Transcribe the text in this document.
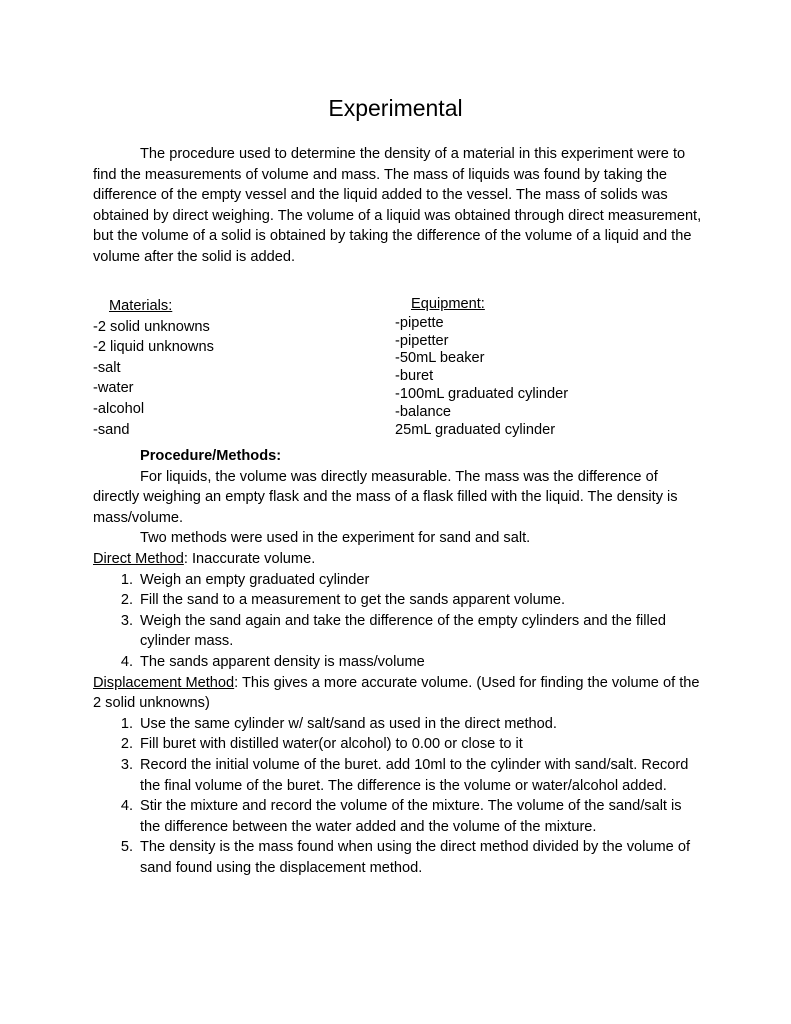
Experimental

The procedure used to determine the density of a material in this experiment were to find the measurements of volume and mass. The mass of liquids was found by taking the difference of the empty vessel and the liquid added to the vessel. The mass of solids was obtained by direct weighing. The volume of a liquid was obtained through direct measurement, but the volume of a solid is obtained by taking the difference of the volume of a liquid and the volume after the solid is added.

Materials:
-2 solid unknowns
-2 liquid unknowns
-salt
-water
-alcohol
-sand
Equipment:
-pipette
-pipetter
-50mL beaker
-buret
-100mL graduated cylinder
-balance
25mL graduated cylinder

Procedure/Methods:

For liquids, the volume was directly measurable. The mass was the difference of directly weighing an empty flask and the mass of a flask filled with the liquid. The density is mass/volume.

Two methods were used in the experiment for sand and salt.

Direct Method: Inaccurate volume.

1. Weigh an empty graduated cylinder
2. Fill the sand to a measurement to get the sands apparent volume.
3. Weigh the sand again and take the difference of the empty cylinders and the filled cylinder mass.
4. The sands apparent density is mass/volume

Displacement Method: This gives a more accurate volume. (Used for finding the volume of the 2 solid unknowns)

1. Use the same cylinder w/ salt/sand as used in the direct method.
2. Fill buret with distilled water(or alcohol) to 0.00 or close to it
3. Record the initial volume of the buret. add 10ml to the cylinder with sand/salt. Record the final volume of the buret. The difference is the volume or water/alcohol added.
4. Stir the mixture and record the volume of the mixture. The volume of the sand/salt is the difference between the water added and the volume of the mixture.
5. The density is the mass found when using the direct method divided by the volume of sand found using the displacement method.
